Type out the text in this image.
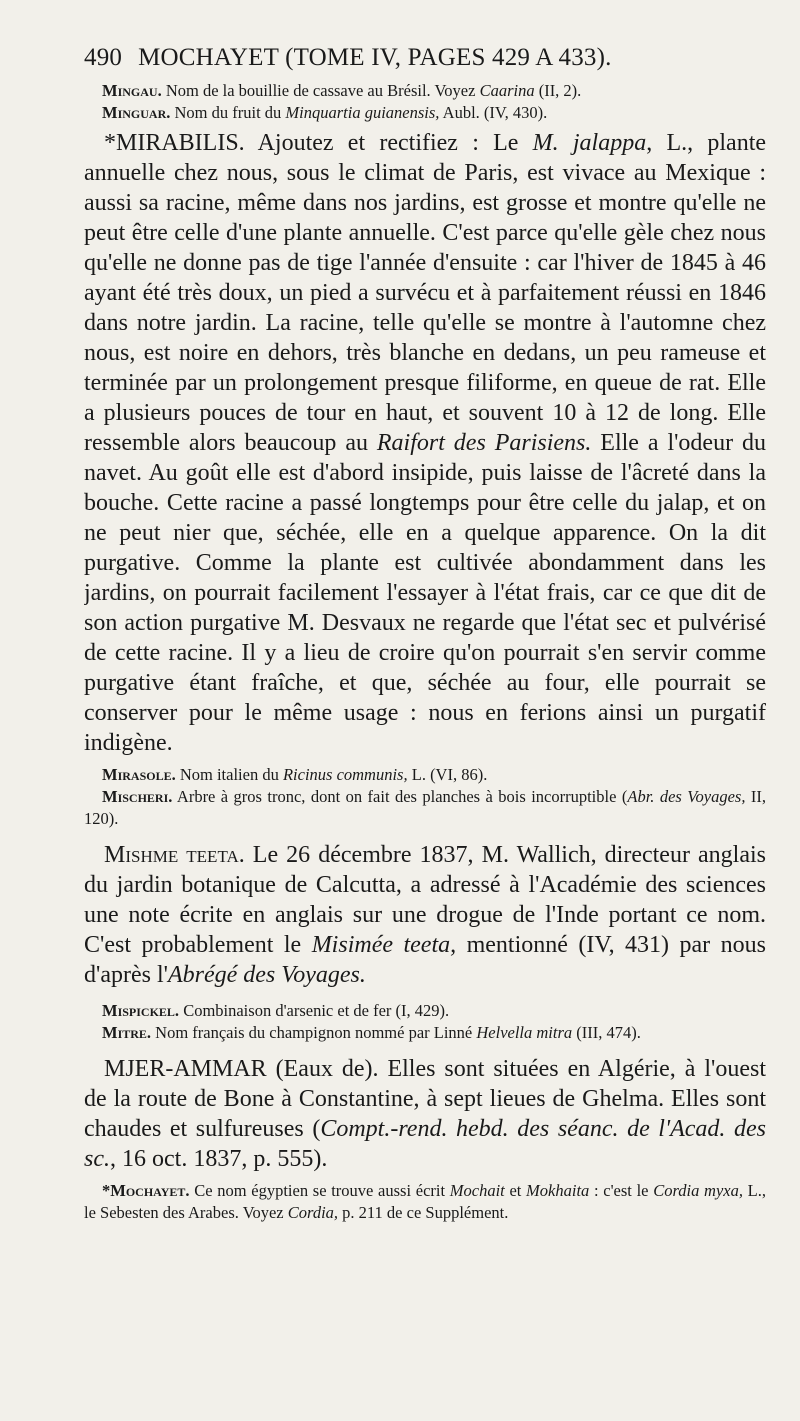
490 MOCHAYET (TOME IV, PAGES 429 A 433).

Mingau. Nom de la bouillie de cassave au Brésil. Voyez Caarina (II, 2).

Minguar. Nom du fruit du Minquartia guianensis, Aubl. (IV, 430).

*MIRABILIS. Ajoutez et rectifiez : Le M. jalappa, L., plante annuelle chez nous, sous le climat de Paris, est vivace au Mexique : aussi sa racine, même dans nos jardins, est grosse et montre qu'elle ne peut être celle d'une plante annuelle. C'est parce qu'elle gèle chez nous qu'elle ne donne pas de tige l'année d'ensuite : car l'hiver de 1845 à 46 ayant été très doux, un pied a survécu et à parfaitement réussi en 1846 dans notre jardin. La racine, telle qu'elle se montre à l'automne chez nous, est noire en dehors, très blanche en dedans, un peu rameuse et terminée par un prolongement presque filiforme, en queue de rat. Elle a plusieurs pouces de tour en haut, et souvent 10 à 12 de long. Elle ressemble alors beaucoup au Raifort des Parisiens. Elle a l'odeur du navet. Au goût elle est d'abord insipide, puis laisse de l'âcreté dans la bouche. Cette racine a passé longtemps pour être celle du jalap, et on ne peut nier que, séchée, elle en a quelque apparence. On la dit purgative. Comme la plante est cultivée abondamment dans les jardins, on pourrait facilement l'essayer à l'état frais, car ce que dit de son action purgative M. Desvaux ne regarde que l'état sec et pulvérisé de cette racine. Il y a lieu de croire qu'on pourrait s'en servir comme purgative étant fraîche, et que, séchée au four, elle pourrait se conserver pour le même usage : nous en ferions ainsi un purgatif indigène.

Mirasole. Nom italien du Ricinus communis, L. (VI, 86).

Mischeri. Arbre à gros tronc, dont on fait des planches à bois incorruptible (Abr. des Voyages, II, 120).

Mishme teeta. Le 26 décembre 1837, M. Wallich, directeur anglais du jardin botanique de Calcutta, a adressé à l'Académie des sciences une note écrite en anglais sur une drogue de l'Inde portant ce nom. C'est probablement le Misimée teeta, mentionné (IV, 431) par nous d'après l'Abrégé des Voyages.

Mispickel. Combinaison d'arsenic et de fer (I, 429).

Mitre. Nom français du champignon nommé par Linné Helvella mitra (III, 474).

MJER-AMMAR (Eaux de). Elles sont situées en Algérie, à l'ouest de la route de Bone à Constantine, à sept lieues de Ghelma. Elles sont chaudes et sulfureuses (Compt.-rend. hebd. des séanc. de l'Acad. des sc., 16 oct. 1837, p. 555).

*Mochayet. Ce nom égyptien se trouve aussi écrit Mochait et Mokhaita : c'est le Cordia myxa, L., le Sebesten des Arabes. Voyez Cordia, p. 211 de ce Supplément.
